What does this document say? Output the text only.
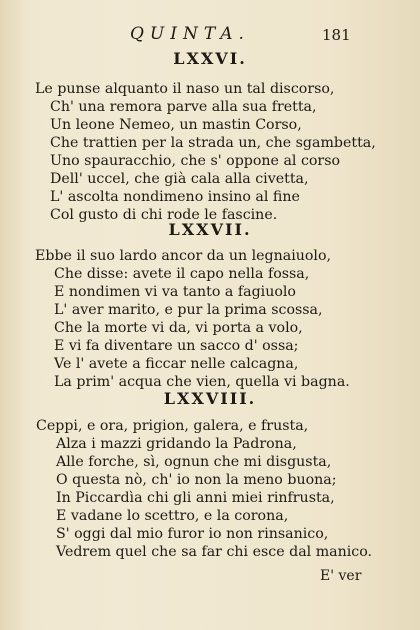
QUINTA.	181
LXXVI.
Le punse alquanto il naso un tal discorso,
Ch' una remora parve alla sua fretta,
Un leone Nemeo, un mastin Corso,
Che trattien per la strada un, che sgambetta,
Uno spauracchio, che s' oppone al corso
Dell' uccel, che già cala alla civetta,
L' ascolta nondimeno insino al fine
Col gusto di chi rode le fascine.
LXXVII.
Ebbe il suo lardo ancor da un legnaiuolo,
Che disse: avete il capo nella fossa,
E nondimen vi va tanto a fagiuolo
L' aver marito, e pur la prima scossa,
Che la morte vi da, vi porta a volo,
E vi fa diventare un sacco d' ossa;
Ve l' avete a ficcar nelle calcagna,
La prim' acqua che vien, quella vi bagna.
LXXVIII.
Ceppi, e ora, prigion, galera, e frusta,
Alza i mazzi gridando la Padrona,
Alle forche, sì, ognun che mi disgusta,
O questa nò, ch' io non la meno buona;
In Piccardìa chi gli anni miei rinfrusta,
E vadane lo scettro, e la corona,
S' oggi dal mio furor io non rinsanico,
Vedrem quel che sa far chi esce dal manico.
E' ver
